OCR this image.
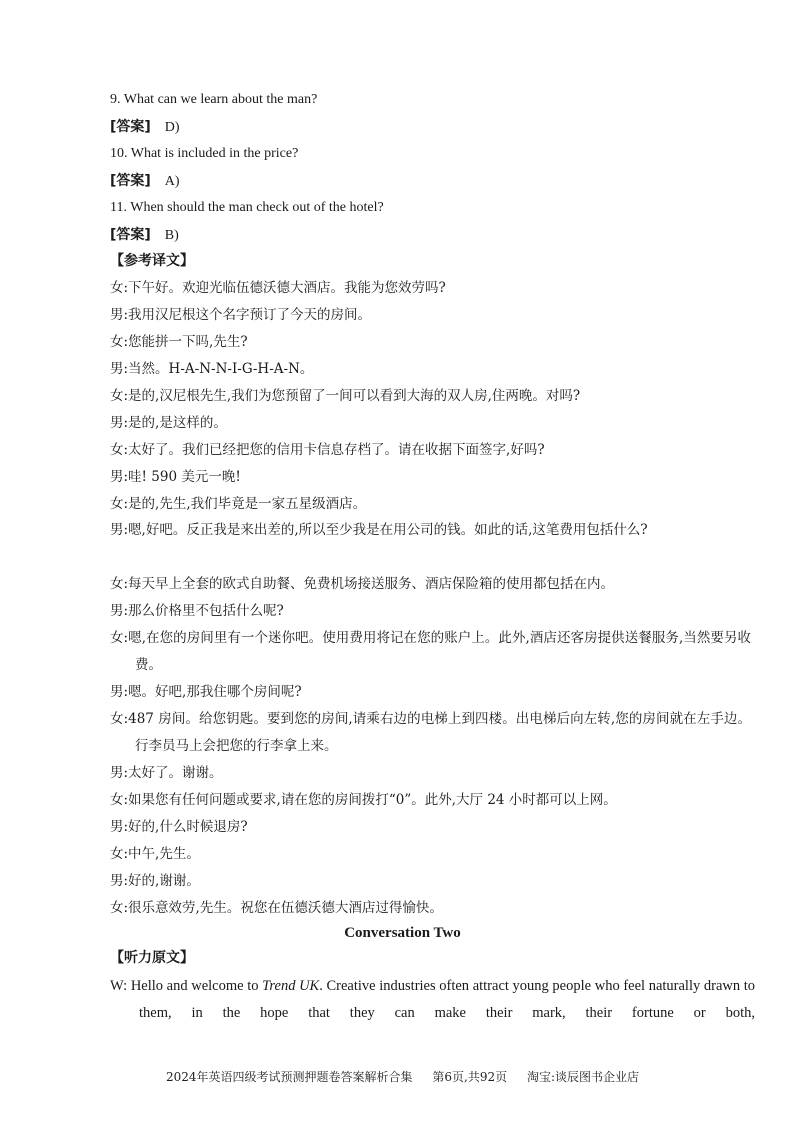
9. What can we learn about the man?
[答案] D)
10. What is included in the price?
[答案] A)
11. When should the man check out of the hotel?
[答案] B)
【参考译文】
女:下午好。欢迎光临伍德沃德大酒店。我能为您效劳吗?
男:我用汉尼根这个名字预订了今天的房间。
女:您能拼一下吗,先生?
男:当然。H-A-N-N-I-G-H-A-N。
女:是的,汉尼根先生,我们为您预留了一间可以看到大海的双人房,住两晚。对吗?
男:是的,是这样的。
女:太好了。我们已经把您的信用卡信息存档了。请在收据下面签字,好吗?
男:哇! 590 美元一晚!
女:是的,先生,我们毕竟是一家五星级酒店。
男:嗯,好吧。反正我是来出差的,所以至少我是在用公司的钱。如此的话,这笔费用包括什么?
女:每天早上全套的欧式自助餐、免费机场接送服务、酒店保险箱的使用都包括在内。
男:那么价格里不包括什么呢?
女:嗯,在您的房间里有一个迷你吧。使用费用将记在您的账户上。此外,酒店还客房提供送餐服务,当然要另收费。
男:嗯。好吧,那我住哪个房间呢?
女:487 房间。给您钥匙。要到您的房间,请乘右边的电梯上到四楼。出电梯后向左转,您的房间就在左手边。行李员马上会把您的行李拿上来。
男:太好了。谢谢。
女:如果您有任何问题或要求,请在您的房间拨打“0”。此外,大厅 24 小时都可以上网。
男:好的,什么时候退房?
女:中午,先生。
男:好的,谢谢。
女:很乐意效劳,先生。祝您在伍德沃德大酒店过得愉快。
Conversation Two
【听力原文】
W: Hello and welcome to Trend UK. Creative industries often attract young people who feel naturally drawn to them, in the hope that they can make their mark, their fortune or both,
2024年英语四级考试预测押题卷答案解析合集 第6页,共92页 淘宝:谈辰图书企业店
